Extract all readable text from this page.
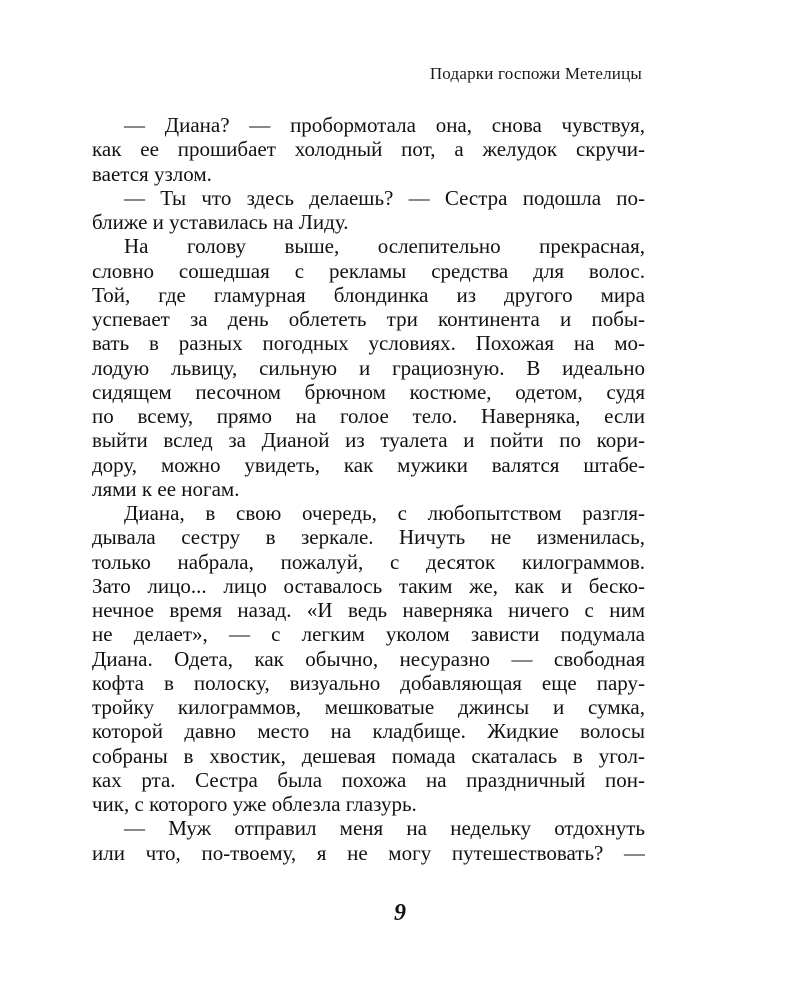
Подарки госпожи Метелицы
— Диана? — пробормотала она, снова чувствуя,
как ее прошибает холодный пот, а желудок скручи-
вается узлом.
— Ты что здесь делаешь? — Сестра подошла по-
ближе и уставилась на Лиду.
На голову выше, ослепительно прекрасная,
словно сошедшая с рекламы средства для волос.
Той, где гламурная блондинка из другого мира
успевает за день облететь три континента и побы-
вать в разных погодных условиях. Похожая на мо-
лодую львицу, сильную и грациозную. В идеально
сидящем песочном брючном костюме, одетом, судя
по всему, прямо на голое тело. Наверняка, если
выйти вслед за Дианой из туалета и пойти по кори-
дору, можно увидеть, как мужики валятся штабе-
лями к ее ногам.
Диана, в свою очередь, с любопытством разгля-
дывала сестру в зеркале. Ничуть не изменилась,
только набрала, пожалуй, с десяток килограммов.
Зато лицо... лицо оставалось таким же, как и беско-
нечное время назад. «И ведь наверняка ничего с ним
не делает», — с легким уколом зависти подумала
Диана. Одета, как обычно, несуразно — свободная
кофта в полоску, визуально добавляющая еще пару-
тройку килограммов, мешковатые джинсы и сумка,
которой давно место на кладбище. Жидкие волосы
собраны в хвостик, дешевая помада скаталась в угол-
ках рта. Сестра была похожа на праздничный пон-
чик, с которого уже облезла глазурь.
— Муж отправил меня на недельку отдохнуть
или что, по-твоему, я не могу путешествовать? —
9
